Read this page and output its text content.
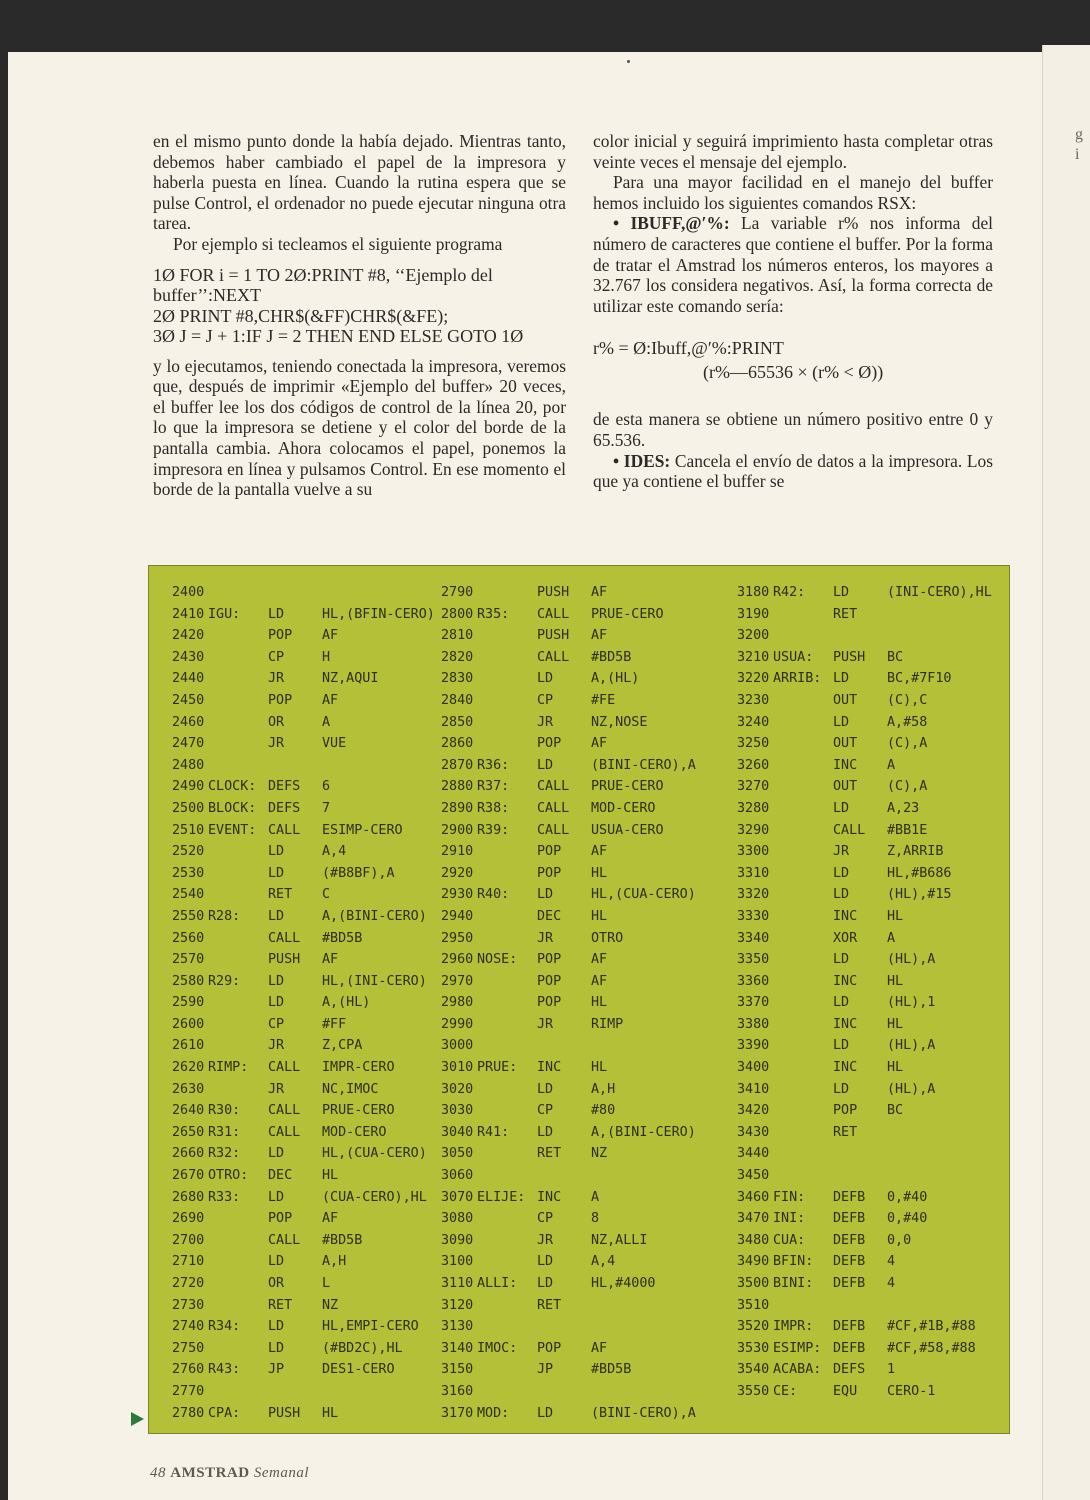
g
i

en el mismo punto donde la había dejado. Mientras tanto, debemos haber cambiado el papel de la impresora y haberla puesta en línea. Cuando la rutina espera que se pulse Control, el ordenador no puede ejecutar ninguna otra tarea.

Por ejemplo si tecleamos el siguiente programa

1Ø FOR i = 1 TO 2Ø:PRINT #8, ‘‘Ejemplo del buffer’’:NEXT
2Ø PRINT #8,CHR$(&FF)CHR$(&FE);
3Ø J = J + 1:IF J = 2 THEN END ELSE GOTO 1Ø

y lo ejecutamos, teniendo conectada la impresora, veremos que, después de imprimir «Ejemplo del buffer» 20 veces, el buffer lee los dos códigos de control de la línea 20, por lo que la impresora se detiene y el color del borde de la pantalla cambia. Ahora colocamos el papel, ponemos la impresora en línea y pulsamos Control. En ese momento el borde de la pantalla vuelve a su

color inicial y seguirá imprimiento hasta completar otras veinte veces el mensaje del ejemplo.

Para una mayor facilidad en el manejo del buffer hemos incluido los siguientes comandos RSX:

• IBUFF,@′%: La variable r% nos informa del número de caracteres que contiene el buffer. Por la forma de tratar el Amstrad los números enteros, los mayores a 32.767 los considera negativos. Así, la forma correcta de utilizar este comando sería:

r% = Ø:Ibuff,@′%:PRINT
(r%—65536 × (r% < Ø))

de esta manera se obtiene un número positivo entre 0 y 65.536.

• IDES: Cancela el envío de datos a la impresora. Los que ya contiene el buffer se

2400
2410 IGU:	LD	HL,(BFIN-CERO)
2420	POP	AF
2430	CP	H
2440	JR	NZ,AQUI
2450	POP	AF
2460	OR	A
2470	JR	VUE
2480
2490 CLOCK: DEFS	6
2500 BLOCK: DEFS	7
2510 EVENT: CALL	ESIMP-CERO
2520	LD	A,4
2530	LD	(#B8BF),A
2540	RET	C
2550 R28:	LD	A,(BINI-CERO)
2560	CALL	#BD5B
2570	PUSH	AF
2580 R29:	LD	HL,(INI-CERO)
2590	LD	A,(HL)
2600	CP	#FF
2610	JR	Z,CPA
2620 RIMP:	CALL	IMPR-CERO
2630	JR	NC,IMOC
2640 R30:	CALL	PRUE-CERO
2650 R31:	CALL	MOD-CERO
2660 R32:	LD	HL,(CUA-CERO)
2670 OTRO:	DEC	HL
2680 R33:	LD	(CUA-CERO),HL
2690	POP	AF
2700	CALL	#BD5B
2710	LD	A,H
2720	OR	L
2730	RET	NZ
2740 R34:	LD	HL,EMPI-CERO
2750	LD	(#BD2C),HL
2760 R43:	JP	DES1-CERO
2770
2780 CPA:	PUSH	HL
2790	PUSH	AF
2800 R35:	CALL	PRUE-CERO
2810	PUSH	AF
2820	CALL	#BD5B
2830	LD	A,(HL)
2840	CP	#FE
2850	JR	NZ,NOSE
2860	POP	AF
2870 R36:	LD	(BINI-CERO),A
2880 R37:	CALL	PRUE-CERO
2890 R38:	CALL	MOD-CERO
2900 R39:	CALL	USUA-CERO
2910	POP	AF
2920	POP	HL
2930 R40:	LD	HL,(CUA-CERO)
2940	DEC	HL
2950	JR	OTRO
2960 NOSE:	POP	AF
2970	POP	AF
2980	POP	HL
2990	JR	RIMP
3000
3010 PRUE:	INC	HL
3020	LD	A,H
3030	CP	#80
3040 R41:	LD	A,(BINI-CERO)
3050	RET	NZ
3060
3070 ELIJE: INC	A
3080	CP	8
3090	JR	NZ,ALLI
3100	LD	A,4
3110 ALLI:	LD	HL,#4000
3120	RET
3130
3140 IMOC:	POP	AF
3150	JP	#BD5B
3160
3170 MOD:	LD	(BINI-CERO),A
3180 R42:	LD	(INI-CERO),HL
3190	RET
3200
3210 USUA:	PUSH	BC
3220 ARRIB: LD	BC,#7F10
3230	OUT	(C),C
3240	LD	A,#58
3250	OUT	(C),A
3260	INC	A
3270	OUT	(C),A
3280	LD	A,23
3290	CALL	#BB1E
3300	JR	Z,ARRIB
3310	LD	HL,#B686
3320	LD	(HL),#15
3330	INC	HL
3340	XOR	A
3350	LD	(HL),A
3360	INC	HL
3370	LD	(HL),1
3380	INC	HL
3390	LD	(HL),A
3400	INC	HL
3410	LD	(HL),A
3420	POP	BC
3430	RET
3440
3450
3460 FIN:	DEFB	0,#40
3470 INI:	DEFB	0,#40
3480 CUA:	DEFB	0,0
3490 BFIN:	DEFB	4
3500 BINI:	DEFB	4
3510
3520 IMPR:	DEFB	#CF,#1B,#88
3530 ESIMP: DEFB	#CF,#58,#88
3540 ACABA: DEFS	1
3550 CE:	EQU	CERO-1
48 AMSTRAD Semanal
